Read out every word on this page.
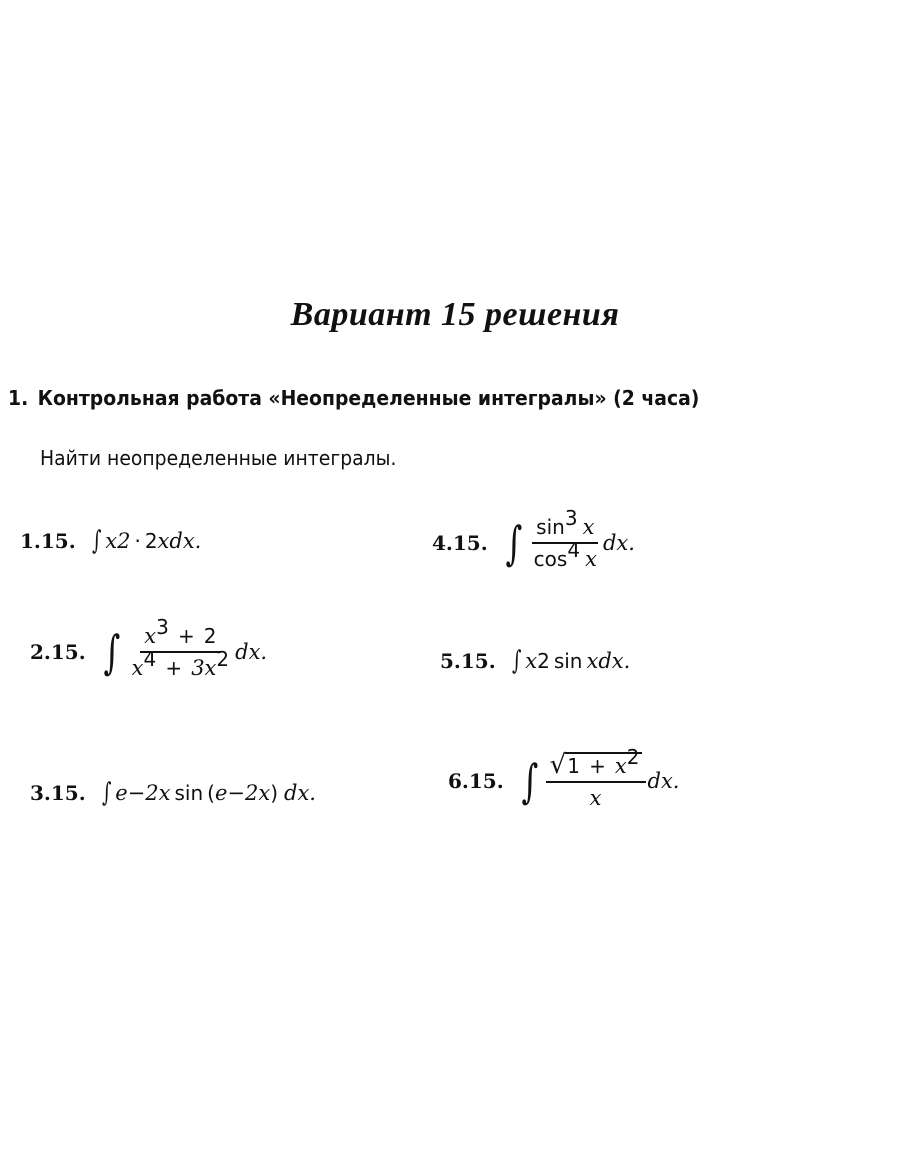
Вариант 15 решения
1. Контрольная работа «Неопределенные интегралы» (2 часа)
Найти неопределенные интегралы.
1.15. ∫ x 2 · 2 x dx.	4.15. ∫ $\frac{\sin^3 x}{\cos^4 x}$ dx.
2.15. ∫ $\frac{x^3 + 2}{x^4 + 3x^2}$ dx.	5.15. ∫ x 2 sin x dx.
3.15. ∫ e −2x sin ( e −2x ) dx.	6.15. ∫ $\frac{√ 1 + x^2}{x}$ dx.
